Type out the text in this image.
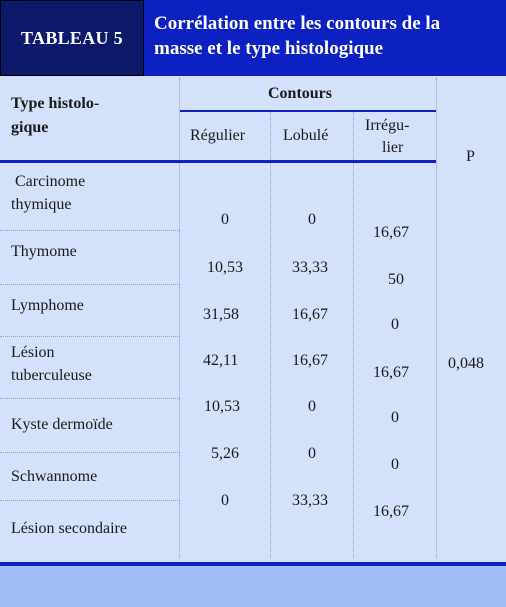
TABLEAU 5
Corrélation entre les contours de la
masse et le type histologique
Type histolo-
gique
Contours
Régulier Lobulé
Irrégu-
lier
P
Carcinome
thymique
Thymome
Lymphome
Lésion
tuberculeuse
Kyste dermoïde
Schwannome
Lésion secondaire
0
10,53
31,58
42,11
10,53
5,26
0
0
33,33
16,67
16,67
0
0
33,33
16,67
50
0
16,67
0
0
16,67
0,048
